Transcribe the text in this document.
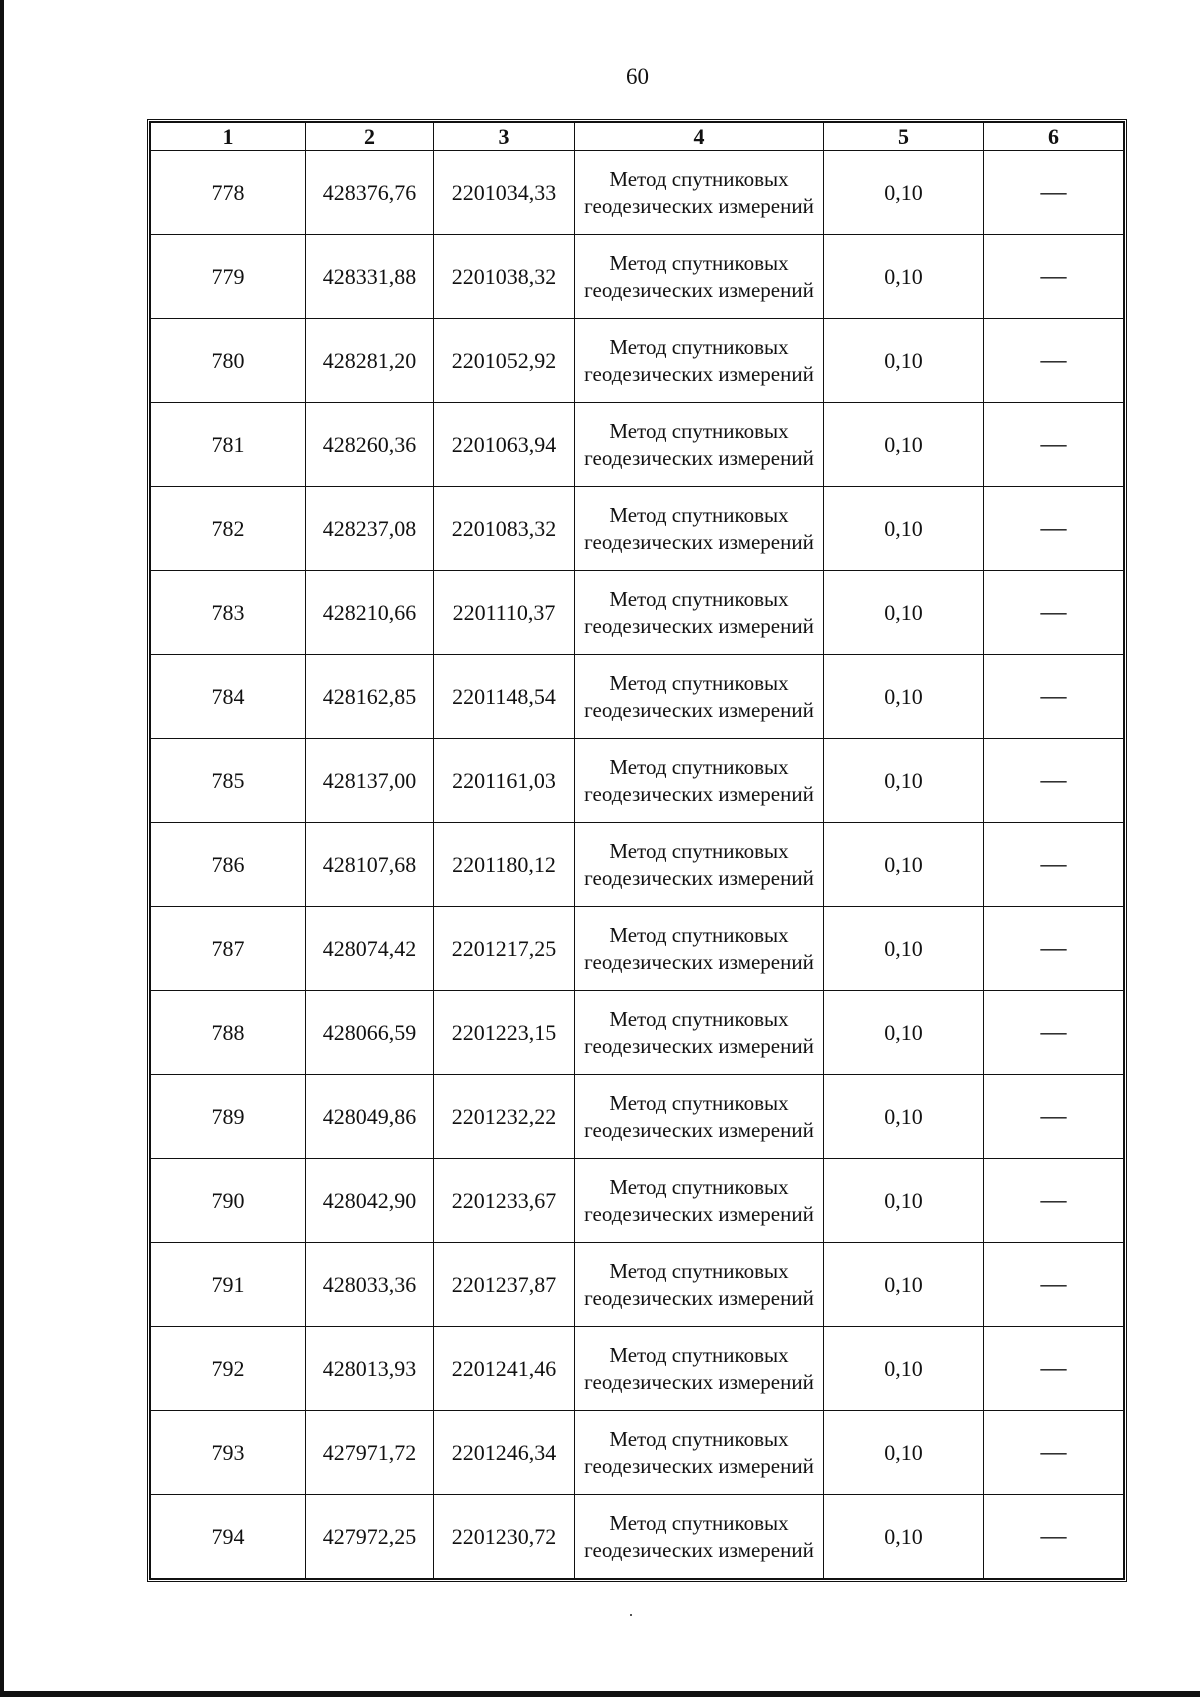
60
1	2	3	4	5	6
778	428376,76	2201034,33	Метод спутниковых геодезических измерений	0,10	—
779	428331,88	2201038,32	Метод спутниковых геодезических измерений	0,10	—
780	428281,20	2201052,92	Метод спутниковых геодезических измерений	0,10	—
781	428260,36	2201063,94	Метод спутниковых геодезических измерений	0,10	—
782	428237,08	2201083,32	Метод спутниковых геодезических измерений	0,10	—
783	428210,66	2201110,37	Метод спутниковых геодезических измерений	0,10	—
784	428162,85	2201148,54	Метод спутниковых геодезических измерений	0,10	—
785	428137,00	2201161,03	Метод спутниковых геодезических измерений	0,10	—
786	428107,68	2201180,12	Метод спутниковых геодезических измерений	0,10	—
787	428074,42	2201217,25	Метод спутниковых геодезических измерений	0,10	—
788	428066,59	2201223,15	Метод спутниковых геодезических измерений	0,10	—
789	428049,86	2201232,22	Метод спутниковых геодезических измерений	0,10	—
790	428042,90	2201233,67	Метод спутниковых геодезических измерений	0,10	—
791	428033,36	2201237,87	Метод спутниковых геодезических измерений	0,10	—
792	428013,93	2201241,46	Метод спутниковых геодезических измерений	0,10	—
793	427971,72	2201246,34	Метод спутниковых геодезических измерений	0,10	—
794	427972,25	2201230,72	Метод спутниковых геодезических измерений	0,10	—
